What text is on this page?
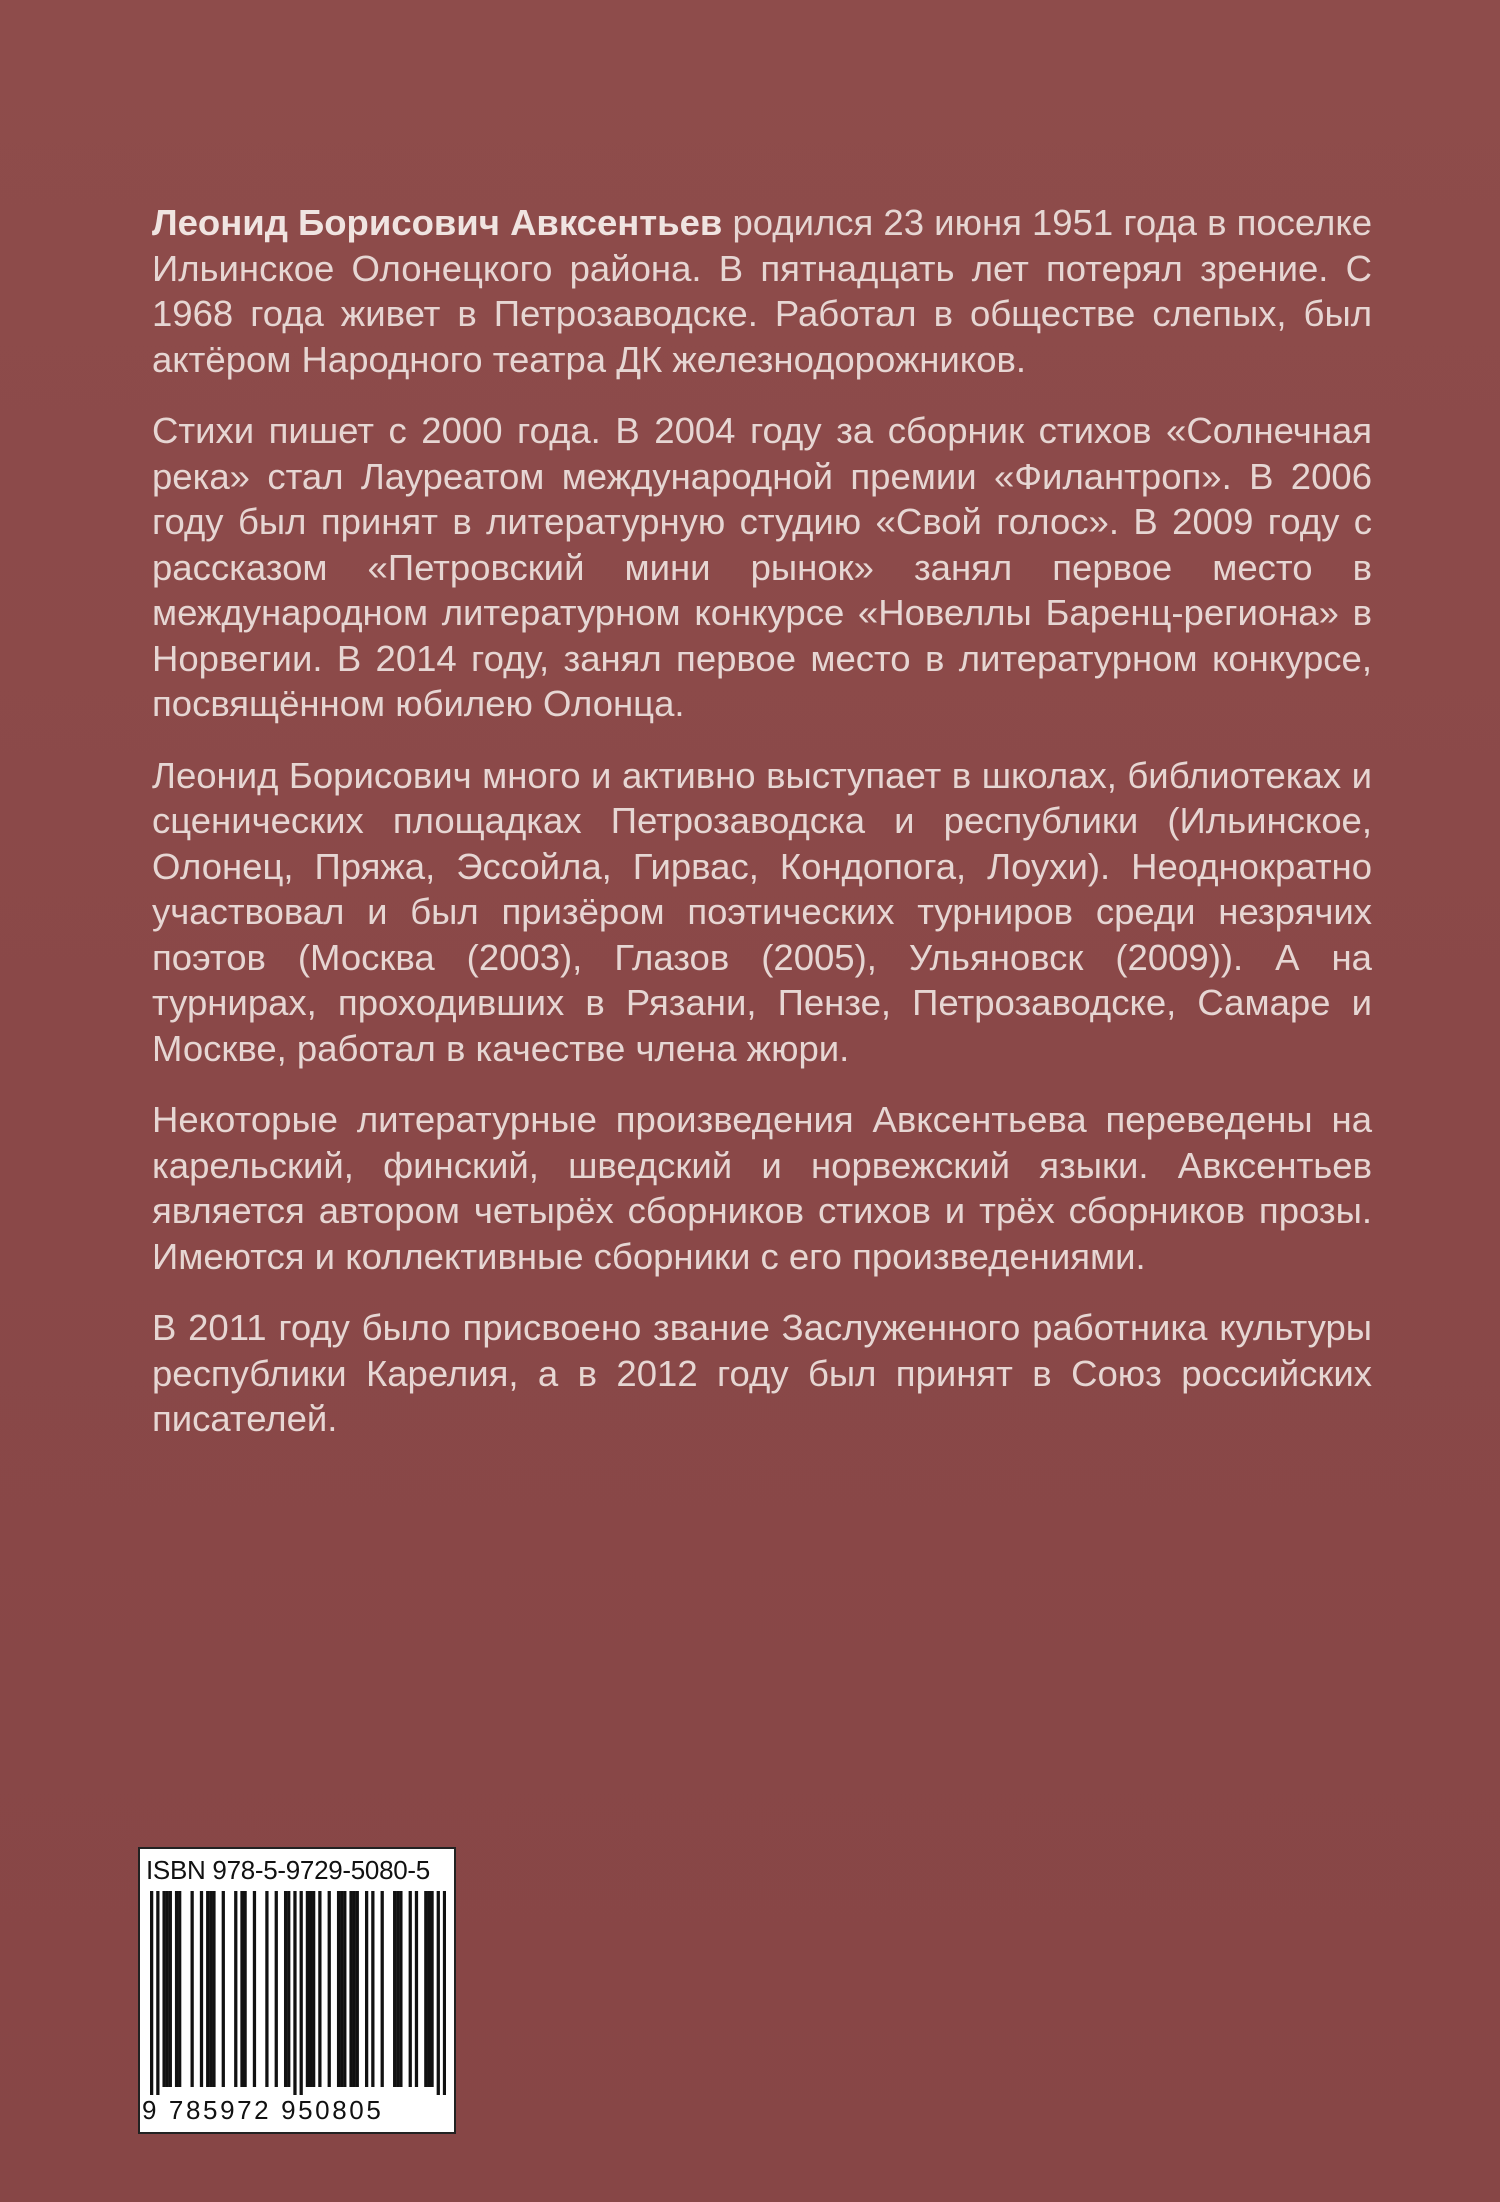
Леонид Борисович Авксентьев родился 23 июня 1951 года в поселке Ильинское Олонецкого района. В пятнадцать лет потерял зрение. С 1968 года живет в Петрозаводске. Работал в обществе слепых, был актёром Народного театра ДК железнодорожников.

Стихи пишет с 2000 года. В 2004 году за сборник стихов «Солнечная река» стал Лауреатом международной премии «Филантроп». В 2006 году был принят в литературную студию «Свой голос». В 2009 году с рассказом «Петровский мини рынок» занял первое место в международном литературном конкурсе «Новеллы Баренц-региона» в Норвегии. В 2014 году, занял первое место в литературном конкурсе, посвящённом юбилею Олонца.

Леонид Борисович много и активно выступает в школах, библиотеках и сценических площадках Петрозаводска и республики (Ильинское, Олонец, Пряжа, Эссойла, Гирвас, Кондопога, Лоухи). Неоднократно участвовал и был призёром поэтических турниров среди незрячих поэтов (Москва (2003), Глазов (2005), Ульяновск (2009)). А на турнирах, проходивших в Рязани, Пензе, Петрозаводске, Самаре и Москве, работал в качестве члена жюри.

Некоторые литературные произведения Авксентьева переведены на карельский, финский, шведский и норвежский языки. Авксентьев является автором четырёх сборников стихов и трёх сборников прозы. Имеются и коллективные сборники с его произведениями.

В 2011 году было присвоено звание Заслуженного работника культуры республики Карелия, а в 2012 году был принят в Союз российских писателей.

ISBN 978-5-9729-5080-5
9 785972 950805
